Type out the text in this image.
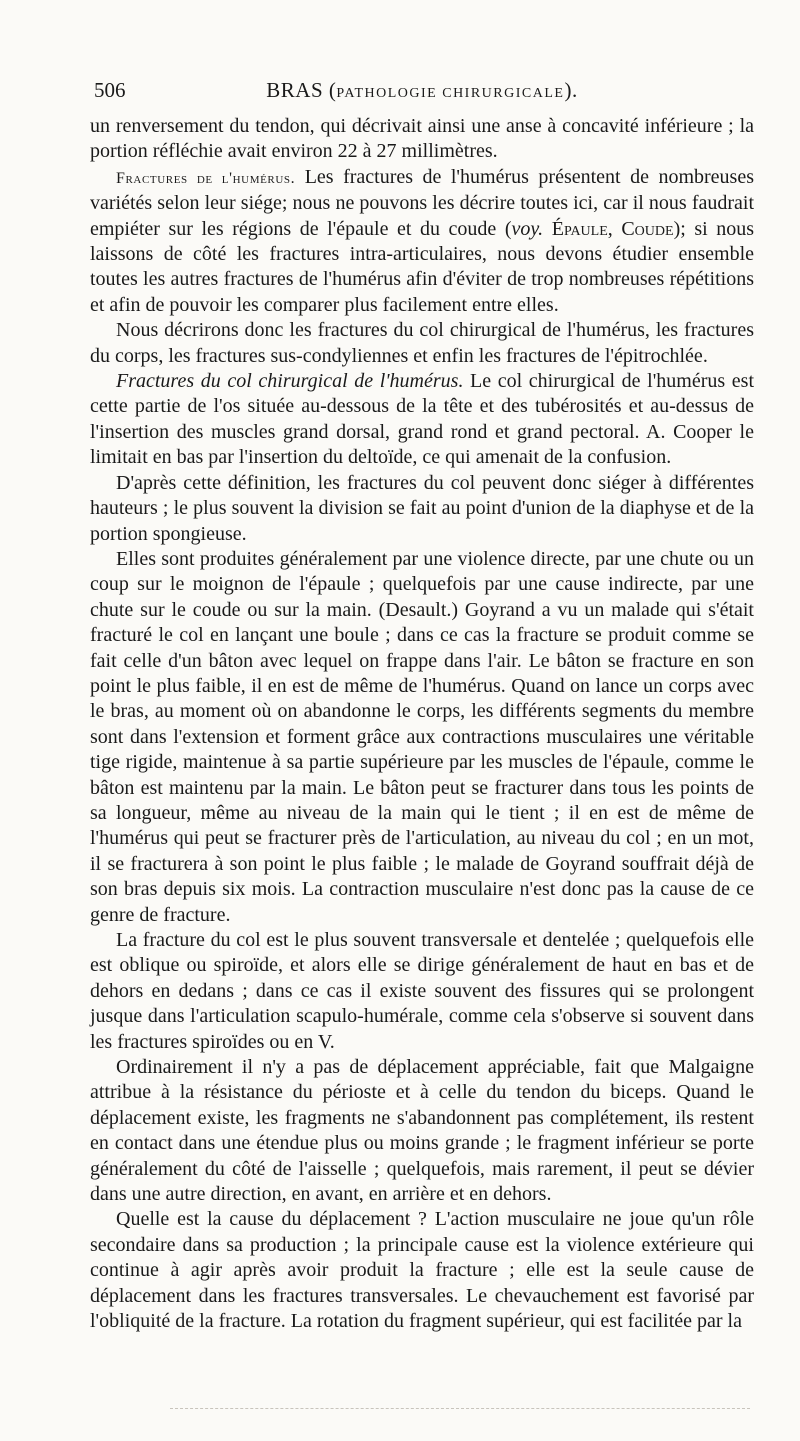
506	BRAS (PATHOLOGIE CHIRURGICALE).

un renversement du tendon, qui décrivait ainsi une anse à concavité inférieure ; la portion réfléchie avait environ 22 à 27 millimètres.

Fractures de l'humérus. Les fractures de l'humérus présentent de nombreuses variétés selon leur siége; nous ne pouvons les décrire toutes ici, car il nous faudrait empiéter sur les régions de l'épaule et du coude (voy. Épaule, Coude); si nous laissons de côté les fractures intra-articulaires, nous devons étudier ensemble toutes les autres fractures de l'humérus afin d'éviter de trop nombreuses répétitions et afin de pouvoir les comparer plus facilement entre elles.

Nous décrirons donc les fractures du col chirurgical de l'humérus, les fractures du corps, les fractures sus-condyliennes et enfin les fractures de l'épitrochlée.

Fractures du col chirurgical de l'humérus. Le col chirurgical de l'humérus est cette partie de l'os située au-dessous de la tête et des tubérosités et au-dessus de l'insertion des muscles grand dorsal, grand rond et grand pectoral. A. Cooper le limitait en bas par l'insertion du deltoïde, ce qui amenait de la confusion.

D'après cette définition, les fractures du col peuvent donc siéger à différentes hauteurs ; le plus souvent la division se fait au point d'union de la diaphyse et de la portion spongieuse.

Elles sont produites généralement par une violence directe, par une chute ou un coup sur le moignon de l'épaule ; quelquefois par une cause indirecte, par une chute sur le coude ou sur la main. (Desault.) Goyrand a vu un malade qui s'était fracturé le col en lançant une boule ; dans ce cas la fracture se produit comme se fait celle d'un bâton avec lequel on frappe dans l'air. Le bâton se fracture en son point le plus faible, il en est de même de l'humérus. Quand on lance un corps avec le bras, au moment où on abandonne le corps, les différents segments du membre sont dans l'extension et forment grâce aux contractions musculaires une véritable tige rigide, maintenue à sa partie supérieure par les muscles de l'épaule, comme le bâton est maintenu par la main. Le bâton peut se fracturer dans tous les points de sa longueur, même au niveau de la main qui le tient ; il en est de même de l'humérus qui peut se fracturer près de l'articulation, au niveau du col ; en un mot, il se fracturera à son point le plus faible ; le malade de Goyrand souffrait déjà de son bras depuis six mois. La contraction musculaire n'est donc pas la cause de ce genre de fracture.

La fracture du col est le plus souvent transversale et dentelée ; quelquefois elle est oblique ou spiroïde, et alors elle se dirige généralement de haut en bas et de dehors en dedans ; dans ce cas il existe souvent des fissures qui se prolongent jusque dans l'articulation scapulo-humérale, comme cela s'observe si souvent dans les fractures spiroïdes ou en V.

Ordinairement il n'y a pas de déplacement appréciable, fait que Malgaigne attribue à la résistance du périoste et à celle du tendon du biceps. Quand le déplacement existe, les fragments ne s'abandonnent pas complétement, ils restent en contact dans une étendue plus ou moins grande ; le fragment inférieur se porte généralement du côté de l'aisselle ; quelquefois, mais rarement, il peut se dévier dans une autre direction, en avant, en arrière et en dehors.

Quelle est la cause du déplacement ? L'action musculaire ne joue qu'un rôle secondaire dans sa production ; la principale cause est la violence extérieure qui continue à agir après avoir produit la fracture ; elle est la seule cause de déplacement dans les fractures transversales. Le chevauchement est favorisé par l'obliquité de la fracture. La rotation du fragment supérieur, qui est facilitée par la
